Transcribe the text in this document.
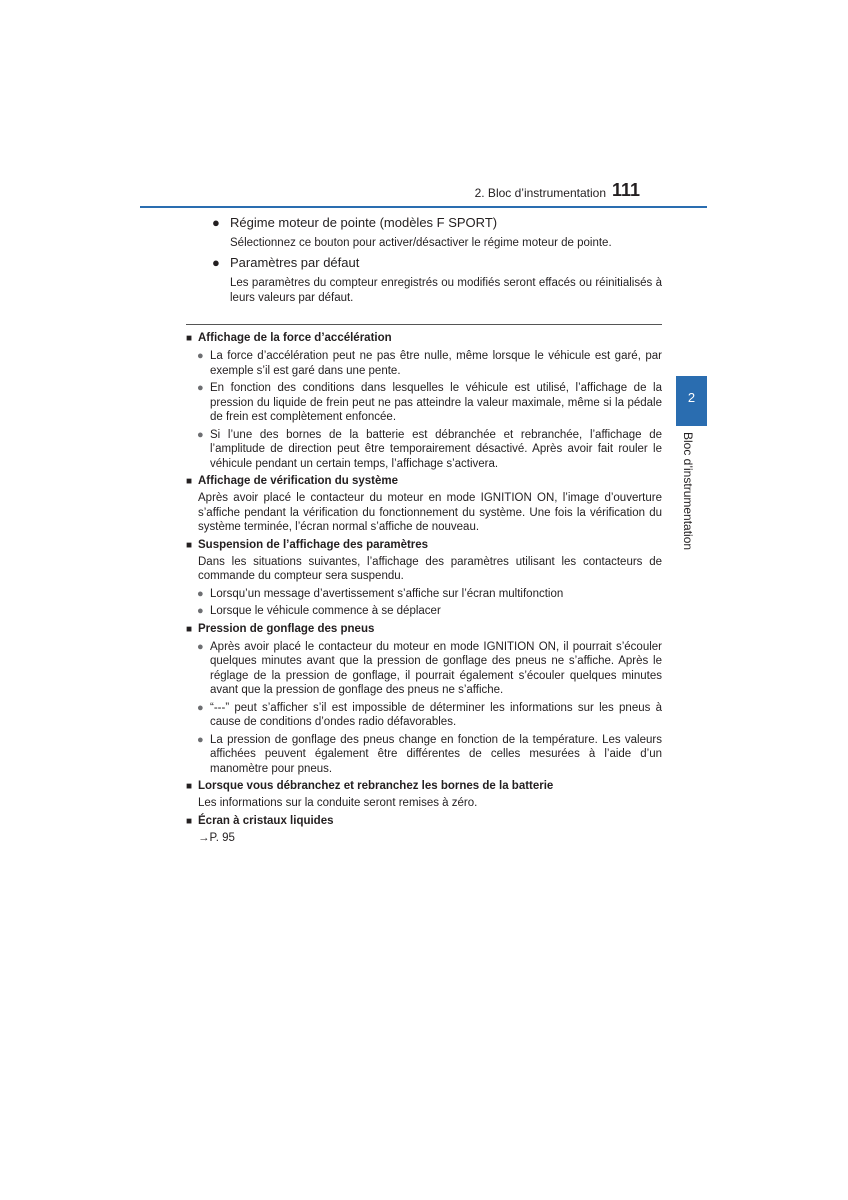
2. Bloc d’instrumentation 111
2
Bloc d’instrumentation
● Régime moteur de pointe (modèles F SPORT)
Sélectionnez ce bouton pour activer/désactiver le régime moteur de pointe.
● Paramètres par défaut
Les paramètres du compteur enregistrés ou modifiés seront effacés ou réinitialisés à leurs valeurs par défaut.
■ Affichage de la force d’accélération
● La force d’accélération peut ne pas être nulle, même lorsque le véhicule est garé, par exemple s’il est garé dans une pente.
● En fonction des conditions dans lesquelles le véhicule est utilisé, l’affichage de la pression du liquide de frein peut ne pas atteindre la valeur maximale, même si la pédale de frein est complètement enfoncée.
● Si l’une des bornes de la batterie est débranchée et rebranchée, l’affichage de l’amplitude de direction peut être temporairement désactivé. Après avoir fait rouler le véhicule pendant un certain temps, l’affichage s’activera.
■ Affichage de vérification du système
Après avoir placé le contacteur du moteur en mode IGNITION ON, l’image d’ouverture s’affiche pendant la vérification du fonctionnement du système. Une fois la vérification du système terminée, l’écran normal s’affiche de nouveau.
■ Suspension de l’affichage des paramètres
Dans les situations suivantes, l’affichage des paramètres utilisant les contacteurs de commande du compteur sera suspendu.
● Lorsqu’un message d’avertissement s’affiche sur l’écran multifonction
● Lorsque le véhicule commence à se déplacer
■ Pression de gonflage des pneus
● Après avoir placé le contacteur du moteur en mode IGNITION ON, il pourrait s’écouler quelques minutes avant que la pression de gonflage des pneus ne s’affiche. Après le réglage de la pression de gonflage, il pourrait également s’écouler quelques minutes avant que la pression de gonflage des pneus ne s’affiche.
● “---” peut s’afficher s’il est impossible de déterminer les informations sur les pneus à cause de conditions d’ondes radio défavorables.
● La pression de gonflage des pneus change en fonction de la température. Les valeurs affichées peuvent également être différentes de celles mesurées à l’aide d’un manomètre pour pneus.
■ Lorsque vous débranchez et rebranchez les bornes de la batterie
Les informations sur la conduite seront remises à zéro.
■ Écran à cristaux liquides
→P. 95
